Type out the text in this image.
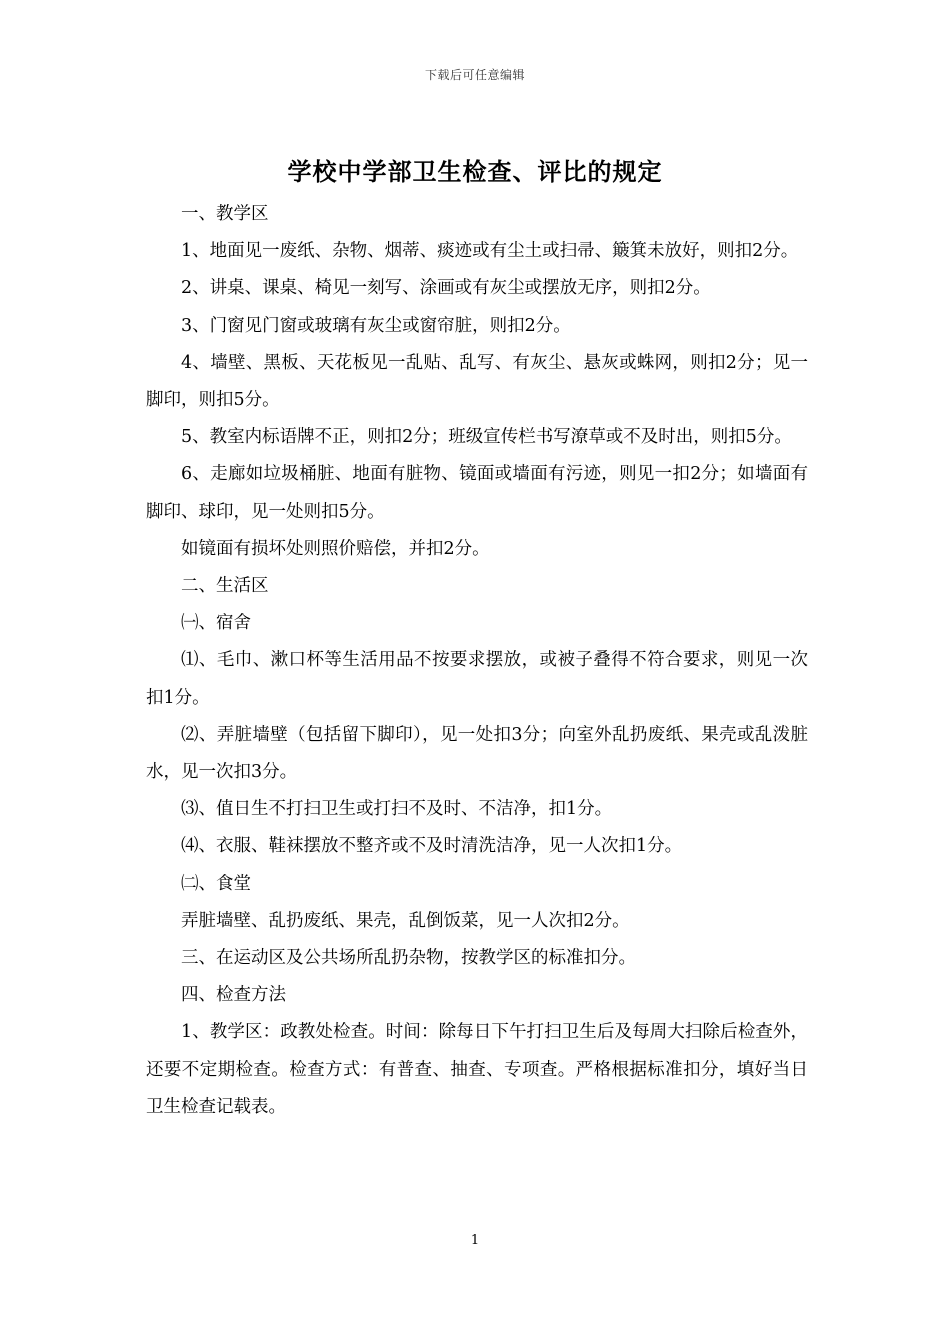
下载后可任意编辑
学校中学部卫生检查、评比的规定

一、教学区

1、地面见一废纸、杂物、烟蒂、痰迹或有尘土或扫帚、簸箕未放好，则扣2分。

2、讲桌、课桌、椅见一刻写、涂画或有灰尘或摆放无序，则扣2分。

3、门窗见门窗或玻璃有灰尘或窗帘脏，则扣2分。

4、墙壁、黑板、天花板见一乱贴、乱写、有灰尘、悬灰或蛛网，则扣2分；见一脚印，则扣5分。

5、教室内标语牌不正，则扣2分；班级宣传栏书写潦草或不及时出，则扣5分。

6、走廊如垃圾桶脏、地面有脏物、镜面或墙面有污迹，则见一扣2分；如墙面有脚印、球印，见一处则扣5分。

如镜面有损坏处则照价赔偿，并扣2分。

二、生活区

㈠、宿舍

⑴、毛巾、漱口杯等生活用品不按要求摆放，或被子叠得不符合要求，则见一次扣1分。

⑵、弄脏墙壁（包括留下脚印），见一处扣3分；向室外乱扔废纸、果壳或乱泼脏水，见一次扣3分。

⑶、值日生不打扫卫生或打扫不及时、不洁净，扣1分。

⑷、衣服、鞋袜摆放不整齐或不及时清洗洁净，见一人次扣1分。

㈡、食堂

弄脏墙壁、乱扔废纸、果壳，乱倒饭菜，见一人次扣2分。

三、在运动区及公共场所乱扔杂物，按教学区的标准扣分。

四、检查方法

1、教学区：政教处检查。时间：除每日下午打扫卫生后及每周大扫除后检查外，还要不定期检查。检查方式：有普查、抽查、专项查。严格根据标准扣分，填好当日卫生检查记载表。

1
